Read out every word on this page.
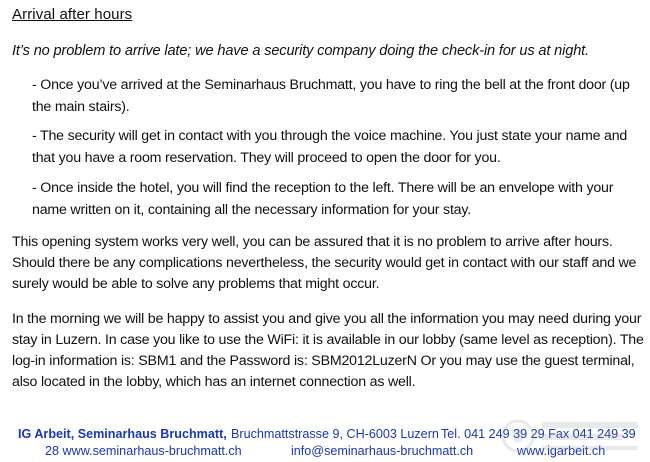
Arrival after hours
It’s no problem to arrive late; we have a security company doing the check-in for us at night.
- Once you’ve arrived at the Seminarhaus Bruchmatt, you have to ring the bell at the front door (up the main stairs).
- The security will get in contact with you through the voice machine. You just state your name and that you have a room reservation. They will proceed to open the door for you.
- Once inside the hotel, you will find the reception to the left. There will be an envelope with your name written on it, containing all the necessary information for your stay.
This opening system works very well, you can be assured that it is no problem to arrive after hours. Should there be any complications nevertheless, the security would get in contact with our staff and we surely would be able to solve any problems that might occur.
In the morning we will be happy to assist you and give you all the information you may need during your stay in Luzern. In case you like to use the WiFi: it is available in our lobby (same level as reception). The log-in information is: SBM1 and the Password is: SBM2012LuzerN Or you may use the guest terminal, also located in the lobby, which has an internet connection as well.
IG Arbeit, Seminarhaus Bruchmatt, Bruchmattstrasse 9, CH-6003 Luzern Tel. 041 249 39 29 Fax 041 249 39
28 www.seminarhaus-bruchmatt.ch	info@seminarhaus-bruchmatt.ch	www.igarbeit.ch
